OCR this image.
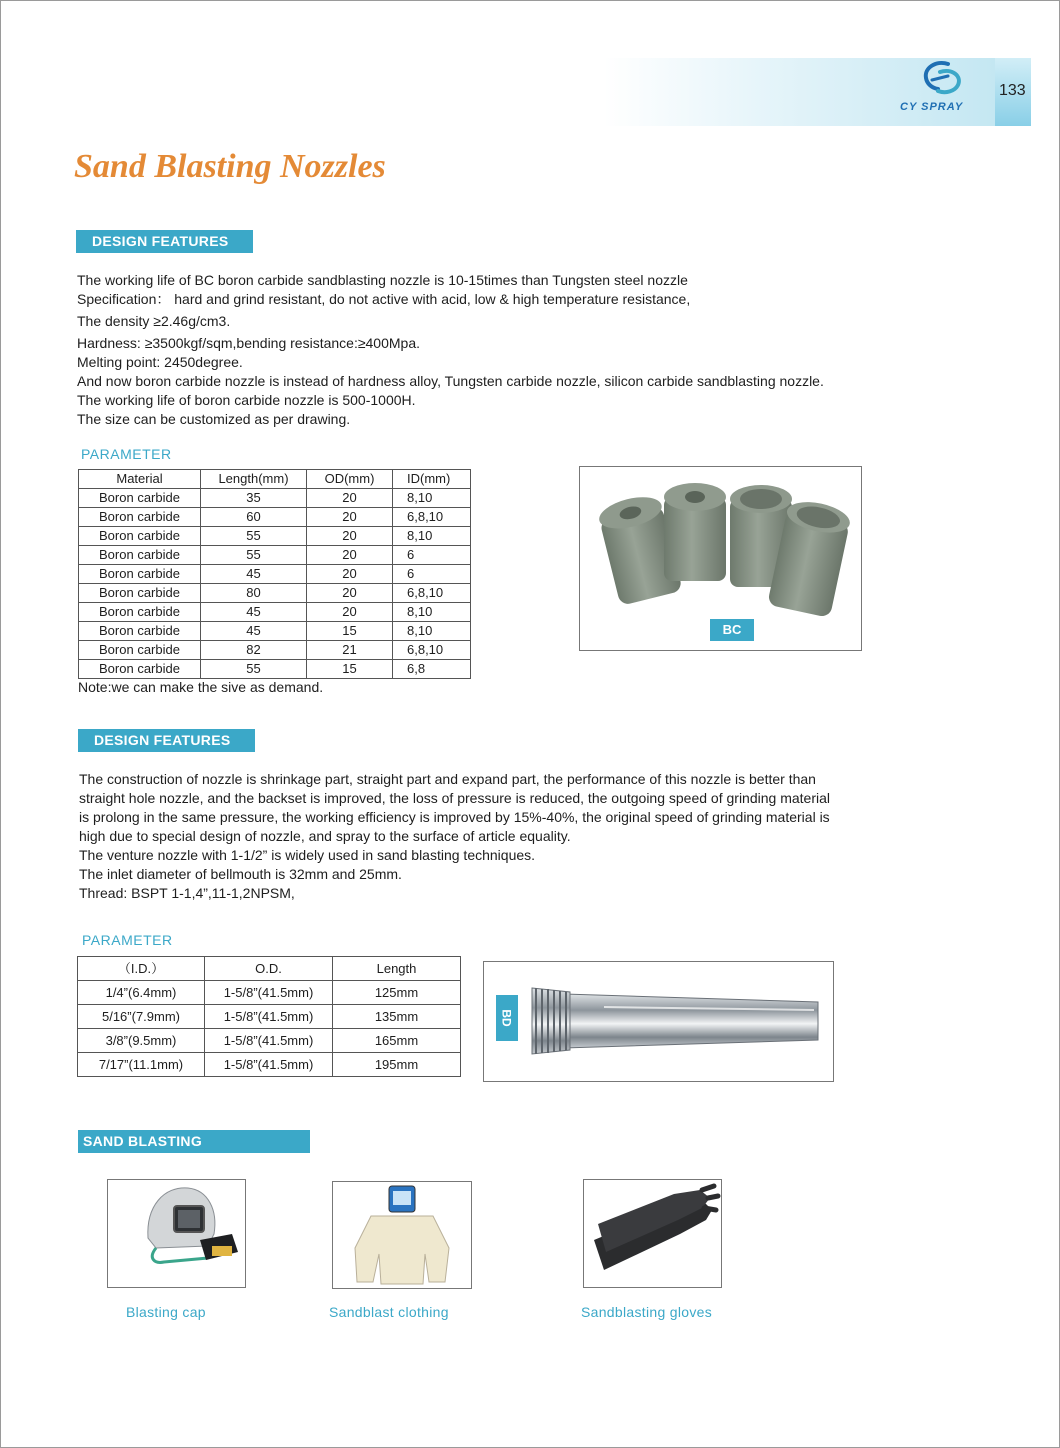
133
CY SPRAY
Sand Blasting Nozzles
DESIGN FEATURES
The working life of BC boron carbide sandblasting nozzle is 10-15times than Tungsten steel nozzle
Specification： hard and grind resistant, do not active with acid, low & high temperature resistance,
The density ≥2.46g/cm3.
Hardness: ≥3500kgf/sqm,bending resistance:≥400Mpa.
Melting point: 2450degree.
And now boron carbide nozzle is instead of hardness alloy, Tungsten carbide nozzle, silicon carbide sandblasting nozzle.
The working life of boron carbide nozzle is 500-1000H.
The size can be customized as per drawing.
PARAMETER
Material	Length(mm)	OD(mm)	ID(mm)
Boron carbide	35	20	8,10
Boron carbide	60	20	6,8,10
Boron carbide	55	20	8,10
Boron carbide	55	20	6
Boron carbide	45	20	6
Boron carbide	80	20	6,8,10
Boron carbide	45	20	8,10
Boron carbide	45	15	8,10
Boron carbide	82	21	6,8,10
Boron carbide	55	15	6,8
Note:we can make the sive as demand.
BC
DESIGN FEATURES
The construction of nozzle is shrinkage part, straight part and expand part, the performance of this nozzle is better than
straight hole nozzle, and the backset is improved, the loss of pressure is reduced, the outgoing speed of grinding material
is prolong in the same pressure, the working efficiency is improved by 15%-40%, the original speed of grinding material is
high due to special design of nozzle, and spray to the surface of article equality.
The venture nozzle with 1-1/2” is widely used in sand blasting techniques.
The inlet diameter of bellmouth is 32mm and 25mm.
Thread: BSPT 1-1,4”,11-1,2NPSM,
PARAMETER
（I.D.）	O.D.	Length
1/4”(6.4mm)	1-5/8”(41.5mm)	125mm
5/16”(7.9mm)	1-5/8”(41.5mm)	135mm
3/8”(9.5mm)	1-5/8”(41.5mm)	165mm
7/17”(11.1mm)	1-5/8”(41.5mm)	195mm
BD
SAND BLASTING ACCESSORIES
Blasting cap	Sandblast clothing	Sandblasting gloves
